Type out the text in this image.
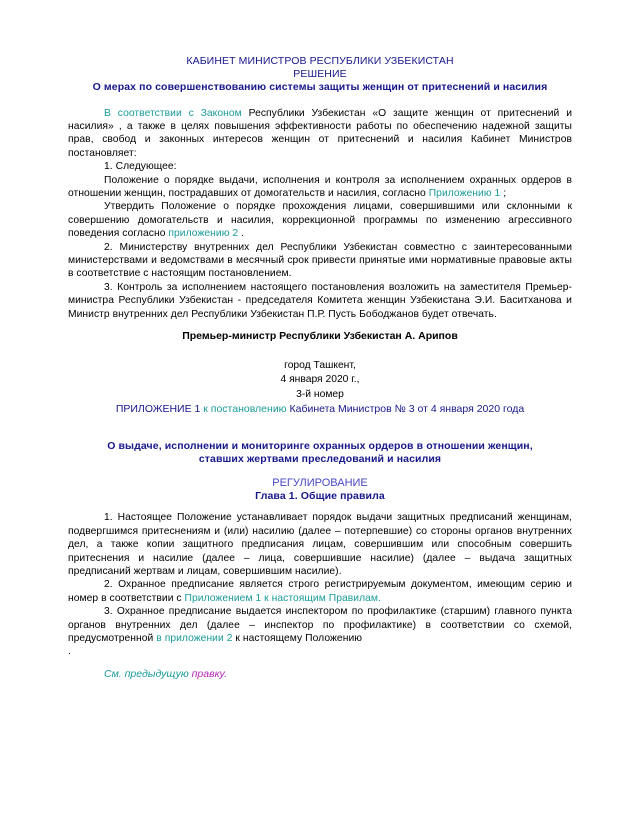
КАБИНЕТ МИНИСТРОВ РЕСПУБЛИКИ УЗБЕКИСТАН

РЕШЕНИЕ

О мерах по совершенствованию системы защиты женщин от притеснений и насилия

В соответствии с Законом Республики Узбекистан «О защите женщин от притеснений и насилия» , а также в целях повышения эффективности работы по обеспечению надежной защиты прав, свобод и законных интересов женщин от притеснений и насилия Кабинет Министров постановляет:

1. Следующее:

Положение о порядке выдачи, исполнения и контроля за исполнением охранных ордеров в отношении женщин, пострадавших от домогательств и насилия, согласно Приложению 1 ;

Утвердить Положение о порядке прохождения лицами, совершившими или склонными к совершению домогательств и насилия, коррекционной программы по изменению агрессивного поведения согласно приложению 2 .

2. Министерству внутренних дел Республики Узбекистан совместно с заинтересованными министерствами и ведомствами в месячный срок привести принятые ими нормативные правовые акты в соответствие с настоящим постановлением.

3. Контроль за исполнением настоящего постановления возложить на заместителя Премьер-министра Республики Узбекистан - председателя Комитета женщин Узбекистана Э.И. Баситханова и Министр внутренних дел Республики Узбекистан П.Р. Пусть Бободжанов будет отвечать.

Премьер-министр Республики Узбекистан А. Арипов

город Ташкент,

4 января 2020 г.,

3-й номер

ПРИЛОЖЕНИЕ 1 к постановлению Кабинета Министров № 3 от 4 января 2020 года

О выдаче, исполнении и мониторинге охранных ордеров в отношении женщин,

ставших жертвами преследований и насилия

РЕГУЛИРОВАНИЕ

Глава 1. Общие правила

1. Настоящее Положение устанавливает порядок выдачи защитных предписаний женщинам, подвергшимся притеснениям и (или) насилию (далее – потерпевшие) со стороны органов внутренних дел, а также копии защитного предписания лицам, совершившим или способным совершить притеснения и насилие (далее – лица, совершившие насилие) (далее – выдача защитных предписаний жертвам и лицам, совершившим насилие).

2. Охранное предписание является строго регистрируемым документом, имеющим серию и номер в соответствии с Приложением 1 к настоящим Правилам.

3. Охранное предписание выдается инспектором по профилактике (старшим) главного пункта органов внутренних дел (далее – инспектор по профилактике) в соответствии со схемой, предусмотренной в приложении 2 к настоящему Положению

.

См. предыдущую правку.
